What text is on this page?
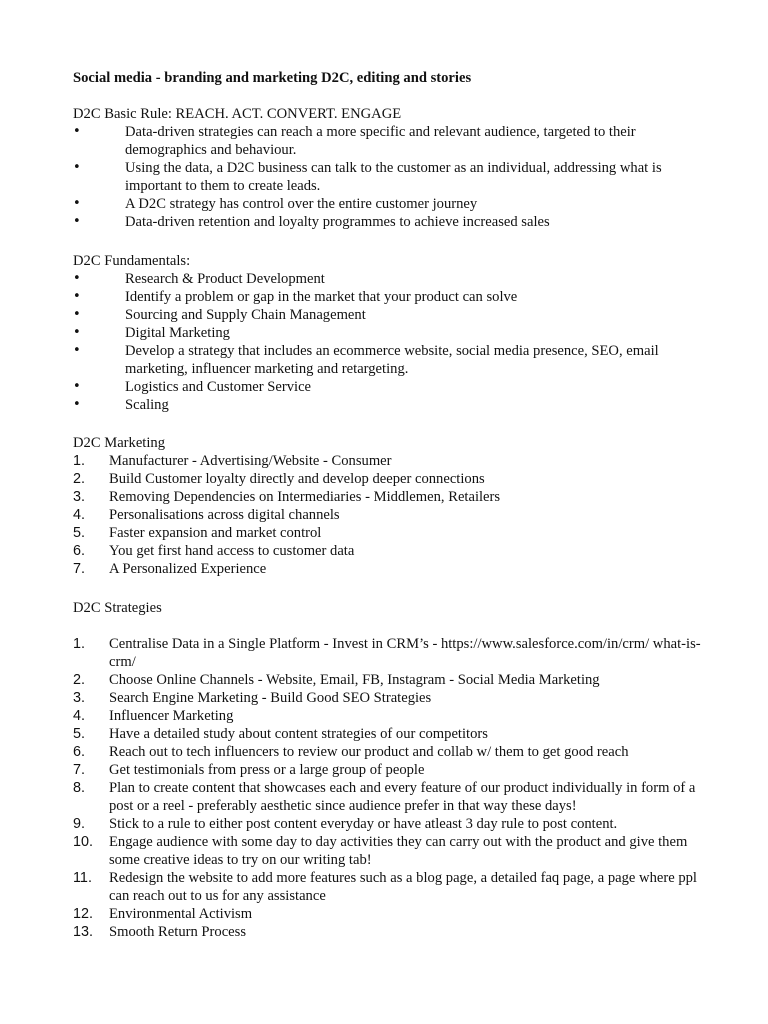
Social media - branding and marketing D2C, editing and stories

D2C Basic Rule: REACH. ACT. CONVERT. ENGAGE

•	Data-driven strategies can reach a more specific and relevant audience, targeted to their demographics and behaviour.
•	Using the data, a D2C business can talk to the customer as an individual, addressing what is important to them to create leads.
•	A D2C strategy has control over the entire customer journey
•	Data-driven retention and loyalty programmes to achieve increased sales

D2C Fundamentals:

•	Research & Product Development
•	Identify a problem or gap in the market that your product can solve
•	Sourcing and Supply Chain Management
•	Digital Marketing
•	Develop a strategy that includes an ecommerce website, social media presence, SEO, email marketing, influencer marketing and retargeting.
•	Logistics and Customer Service
•	Scaling

D2C Marketing

1. Manufacturer - Advertising/Website - Consumer
2. Build Customer loyalty directly and develop deeper connections
3. Removing Dependencies on Intermediaries - Middlemen, Retailers
4. Personalisations across digital channels
5. Faster expansion and market control
6. You get first hand access to customer data
7. A Personalized Experience

D2C Strategies

1. Centralise Data in a Single Platform - Invest in CRM’s - https://www.salesforce.com/in/crm/ what-is-crm/
2. Choose Online Channels - Website, Email, FB, Instagram - Social Media Marketing
3. Search Engine Marketing - Build Good SEO Strategies
4. Influencer Marketing
5. Have a detailed study about content strategies of our competitors
6. Reach out to tech influencers to review our product and collab w/ them to get good reach
7. Get testimonials from press or a large group of people
8. Plan to create content that showcases each and every feature of our product individually in form of a post or a reel - preferably aesthetic since audience prefer in that way these days!
9. Stick to a rule to either post content everyday or have atleast 3 day rule to post content.
10. Engage audience with some day to day activities they can carry out with the product and give them some creative ideas to try on our writing tab!
11. Redesign the website to add more features such as a blog page, a detailed faq page, a page where ppl can reach out to us for any assistance
12. Environmental Activism
13. Smooth Return Process
